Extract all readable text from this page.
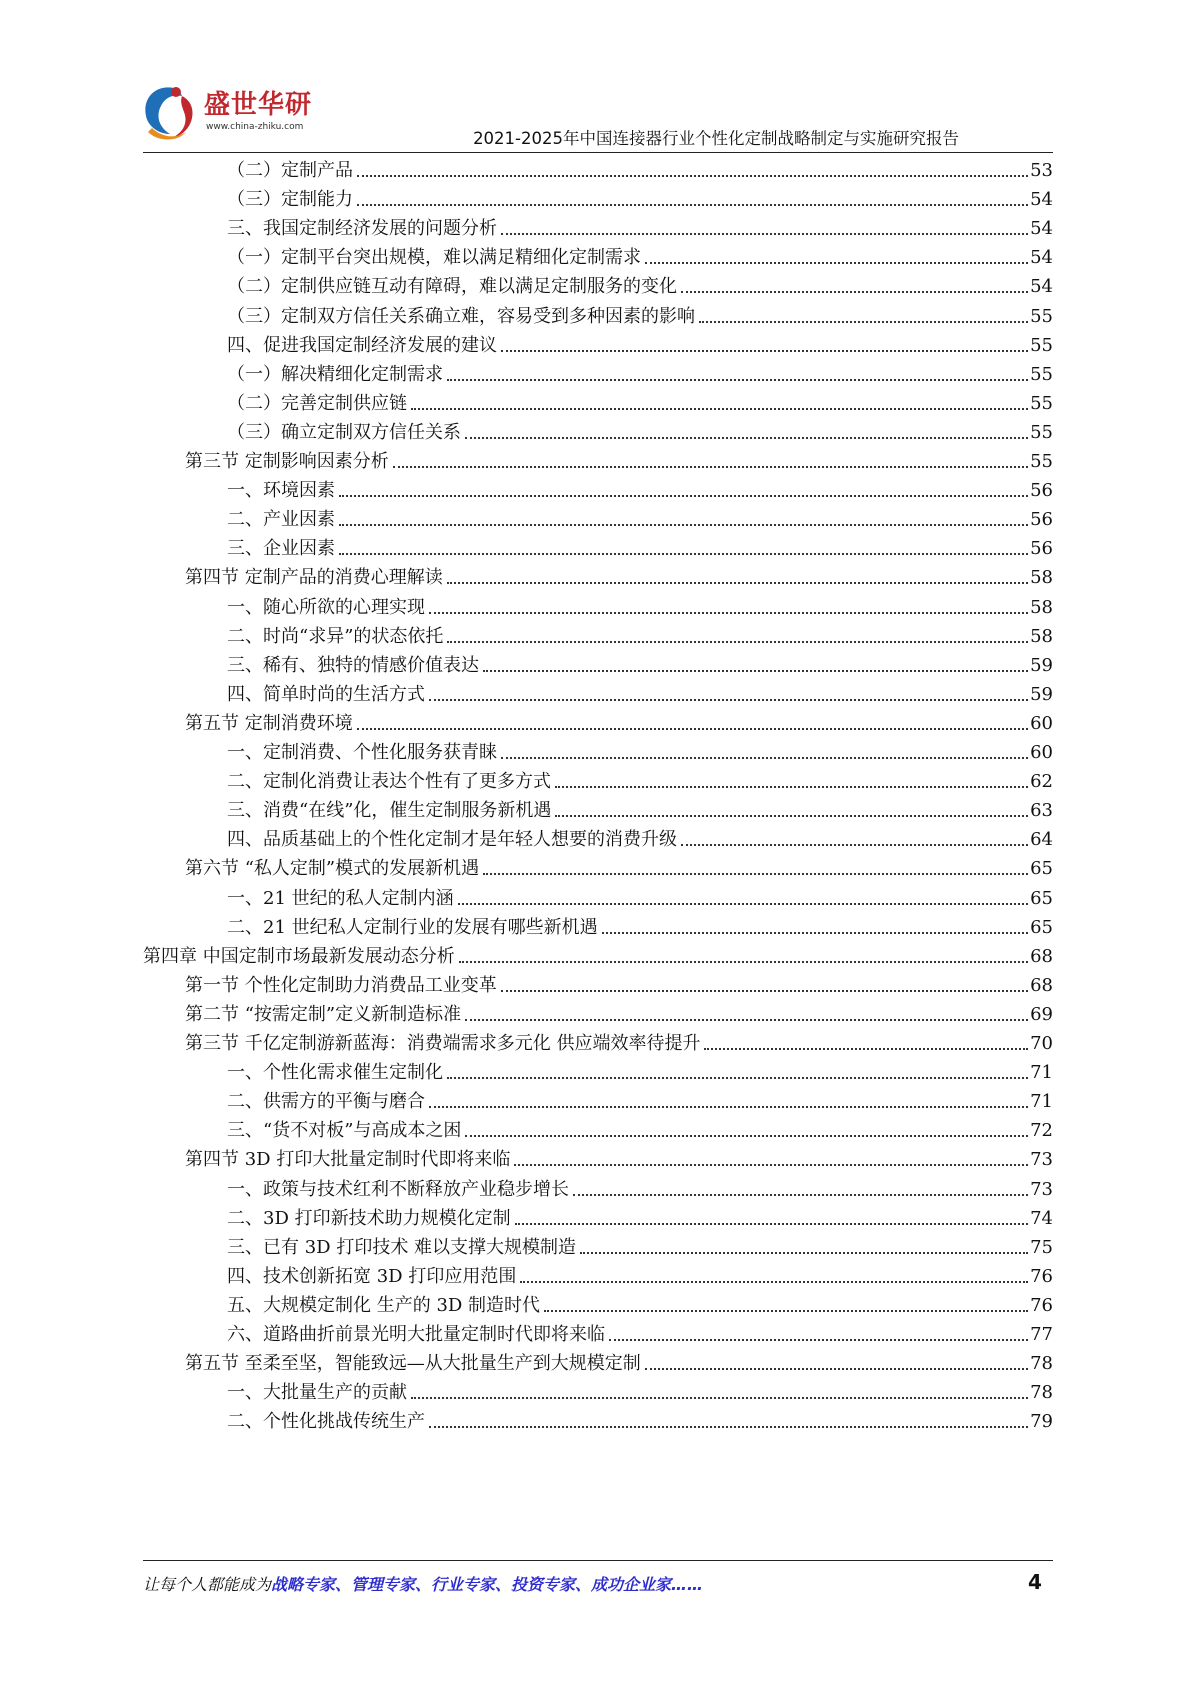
盛世华研
www.china-zhiku.com
2021-2025年中国连接器行业个性化定制战略制定与实施研究报告
（二）定制产品	53
（三）定制能力	54
三、我国定制经济发展的问题分析	54
（一）定制平台突出规模，难以满足精细化定制需求	54
（二）定制供应链互动有障碍，难以满足定制服务的变化	54
（三）定制双方信任关系确立难，容易受到多种因素的影响	55
四、促进我国定制经济发展的建议	55
（一）解决精细化定制需求	55
（二）完善定制供应链	55
（三）确立定制双方信任关系	55
第三节 定制影响因素分析	55
一、环境因素	56
二、产业因素	56
三、企业因素	56
第四节 定制产品的消费心理解读	58
一、随心所欲的心理实现	58
二、时尚“求异”的状态依托	58
三、稀有、独特的情感价值表达	59
四、简单时尚的生活方式	59
第五节 定制消费环境	60
一、定制消费、个性化服务获青睐	60
二、定制化消费让表达个性有了更多方式	62
三、消费“在线”化，催生定制服务新机遇	63
四、品质基础上的个性化定制才是年轻人想要的消费升级	64
第六节 “私人定制”模式的发展新机遇	65
一、21 世纪的私人定制内涵	65
二、21 世纪私人定制行业的发展有哪些新机遇	65
第四章 中国定制市场最新发展动态分析	68
第一节 个性化定制助力消费品工业变革	68
第二节 “按需定制”定义新制造标准	69
第三节 千亿定制游新蓝海：消费端需求多元化 供应端效率待提升	70
一、个性化需求催生定制化	71
二、供需方的平衡与磨合	71
三、“货不对板”与高成本之困	72
第四节 3D 打印大批量定制时代即将来临	73
一、政策与技术红利不断释放产业稳步增长	73
二、3D 打印新技术助力规模化定制	74
三、已有 3D 打印技术 难以支撑大规模制造	75
四、技术创新拓宽 3D 打印应用范围	76
五、大规模定制化 生产的 3D 制造时代	76
六、道路曲折前景光明大批量定制时代即将来临	77
第五节 至柔至坚，智能致远—从大批量生产到大规模定制	78
一、大批量生产的贡献	78
二、个性化挑战传统生产	79
让每个人都能成为战略专家、管理专家、行业专家、投资专家、成功企业家……	4
